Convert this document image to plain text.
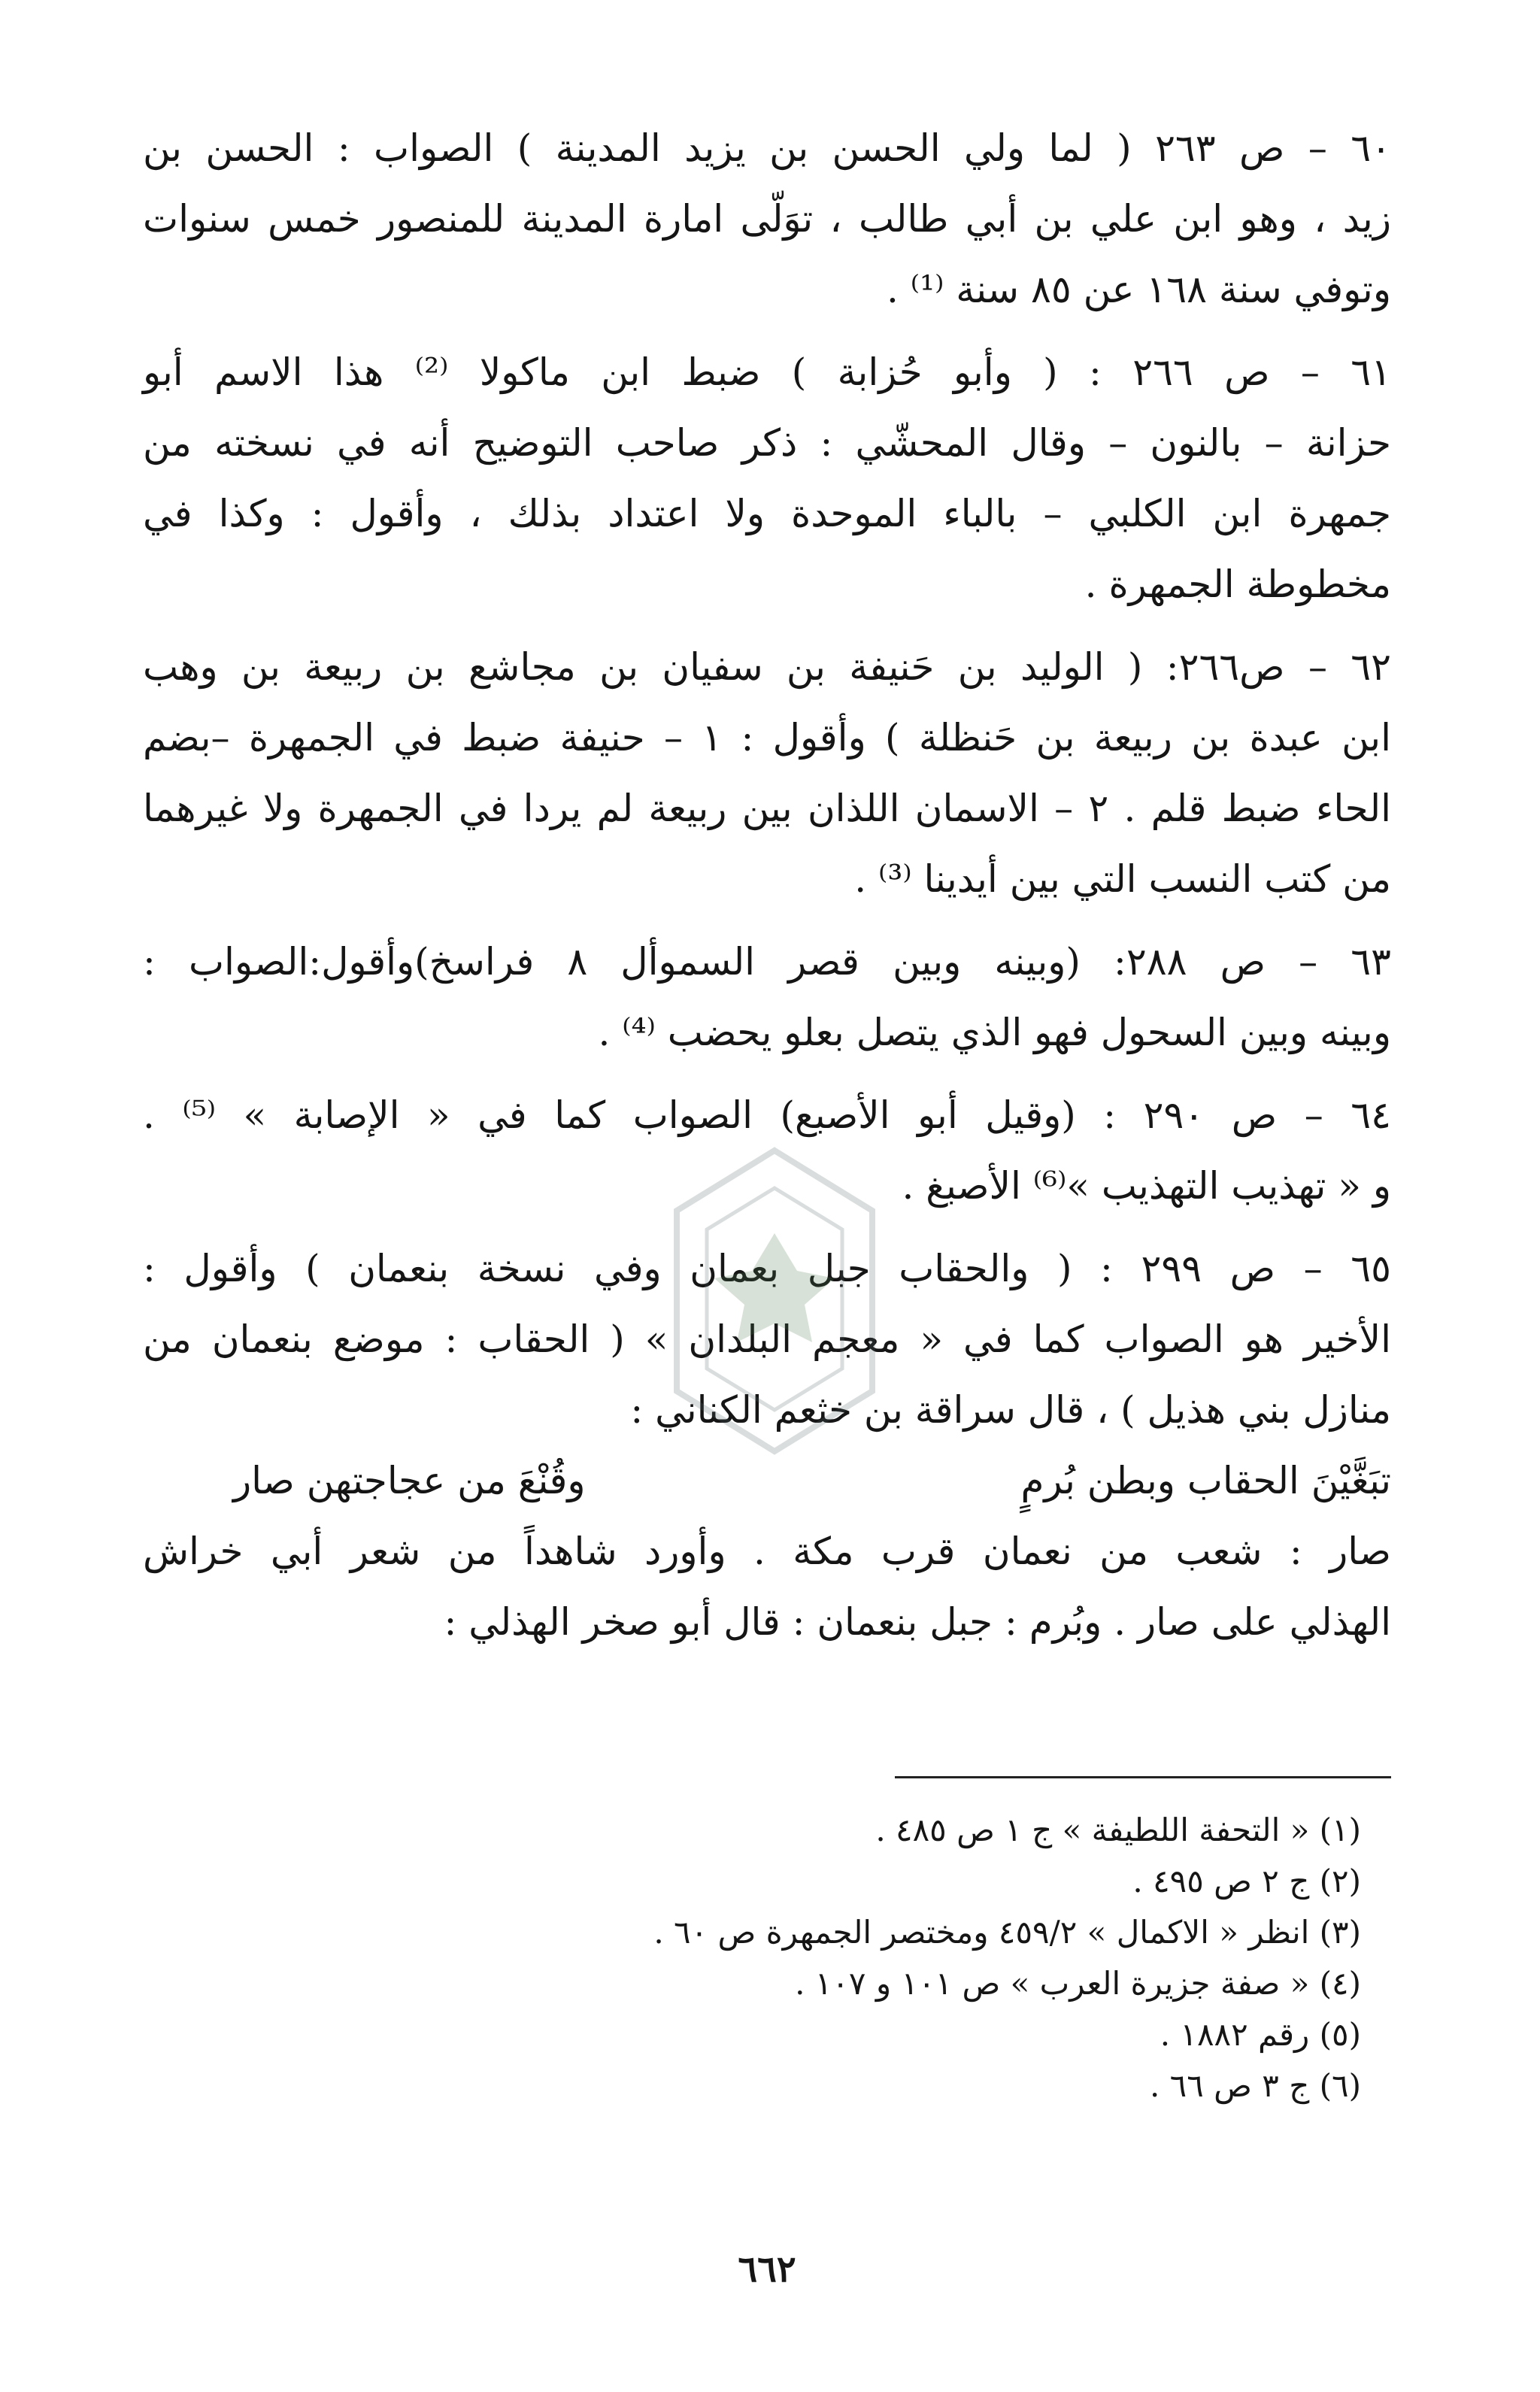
٦٠ – ص ٢٦٣ ( لما ولي الحسن بن يزيد المدينة ) الصواب : الحسن بن
زيد ، وهو ابن علي بن أبي طالب ، توَلّى امارة المدينة للمنصور خمس سنوات
وتوفي سنة ١٦٨ عن ٨٥ سنة ⁽¹⁾ .

٦١ – ص ٢٦٦ : ( وأبو حُزابة ) ضبط ابن ماكولا ⁽²⁾ هذا الاسم أبو
حزانة – بالنون – وقال المحشّي : ذكر صاحب التوضيح أنه في نسخته من
جمهرة ابن الكلبي – بالباء الموحدة ولا اعتداد بذلك ، وأقول : وكذا في
مخطوطة الجمهرة .

٦٢ – ص٢٦٦: ( الوليد بن حَنيفة بن سفيان بن مجاشع بن ربيعة بن وهب
ابن عبدة بن ربيعة بن حَنظلة ) وأقول : ١ – حنيفة ضبط في الجمهرة –بضم
الحاء ضبط قلم . ٢ – الاسمان اللذان بين ربيعة لم يردا في الجمهرة ولا غيرهما
من كتب النسب التي بين أيدينا ⁽³⁾ .

٦٣ – ص ٢٨٨: (وبينه وبين قصر السموأل ٨ فراسخ)وأقول:الصواب :
وبينه وبين السحول فهو الذي يتصل بعلو يحضب ⁽⁴⁾ .

٦٤ – ص ٢٩٠ : (وقيل أبو الأصبع) الصواب كما في « الإصابة » ⁽⁵⁾ .
و « تهذيب التهذيب »⁽⁶⁾ الأصبغ .

٦٥ – ص ٢٩٩ : ( والحقاب جبل بعمان وفي نسخة بنعمان ) وأقول :
الأخير هو الصواب كما في « معجم البلدان » ( الحقاب : موضع بنعمان من
منازل بني هذيل ) ، قال سراقة بن خثعم الكناني :

تبَغَّيْنَ الحقاب وبطن بُرمٍ
وقُنْعَ من عجاجتهن صار

صار : شعب من نعمان قرب مكة . وأورد شاهداً من شعر أبي خراش
الهذلي على صار . وبُرم : جبل بنعمان : قال أبو صخر الهذلي :

(١) « التحفة اللطيفة » ج ١ ص ٤٨٥ .
(٢) ج ٢ ص ٤٩٥ .
(٣) انظر « الاكمال » ٤٥٩/٢ ومختصر الجمهرة ص ٦٠ .
(٤) « صفة جزيرة العرب » ص ١٠١ و ١٠٧ .
(٥) رقم ١٨٨٢ .
(٦) ج ٣ ص ٦٦ .
٦٦٢
